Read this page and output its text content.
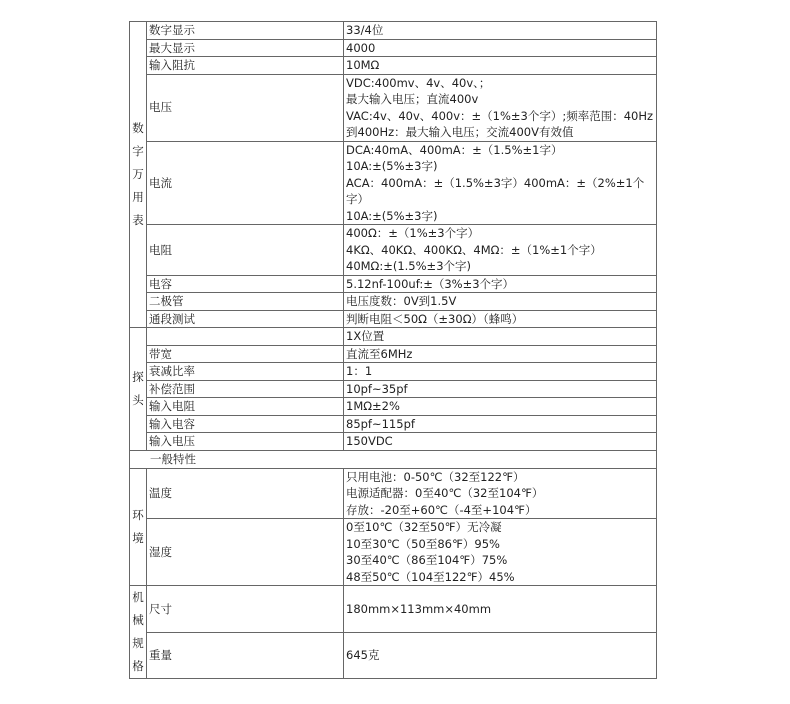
数
字
万
用
表	数字显示	33/4位

	最大显示	4000

	输入阻抗	10MΩ

	电压	VDC:400mv、4v、40v、；
最大输入电压；直流400v
VAC:4v、40v、400v：±（1%±3个字）;频率范围：40Hz
到400Hz：最大输入电压；交流400V有效值

	电流	DCA:40mA、400mA：±（1.5%±1字）
10A:±(5%±3字)
ACA：400mA：±（1.5%±3字）400mA：±（2%±1个
字）
10A:±(5%±3字)

	电阻	400Ω：±（1%±3个字）
4KΩ、40KΩ、400KΩ、4MΩ：±（1%±1个字）
40MΩ:±(1.5%±3个字)

	电容	5.12nf-100uf:±（3%±3个字）

	二极管	电压度数：0V到1.5V

	通段测试	判断电阻＜50Ω（±30Ω）（蜂鸣）

探
头		1X位置

	带宽	直流至6MHz

	衰减比率	1：1

	补偿范围	10pf~35pf

	输入电阻	1MΩ±2%

	输入电容	85pf~115pf

	输入电压	150VDC

一般特性		

环
境	温度	只用电池：0-50℃（32至122℉）
电源适配器：0至40℃（32至104℉）
存放：-20至+60℃（-4至+104℉）

	湿度	0至10℃（32至50℉）无冷凝
10至30℃（50至86℉）95%
30至40℃（86至104℉）75%
48至50℃（104至122℉）45%

机
械
规
格	尺寸	180mm×113mm×40mm

	重量	645克
